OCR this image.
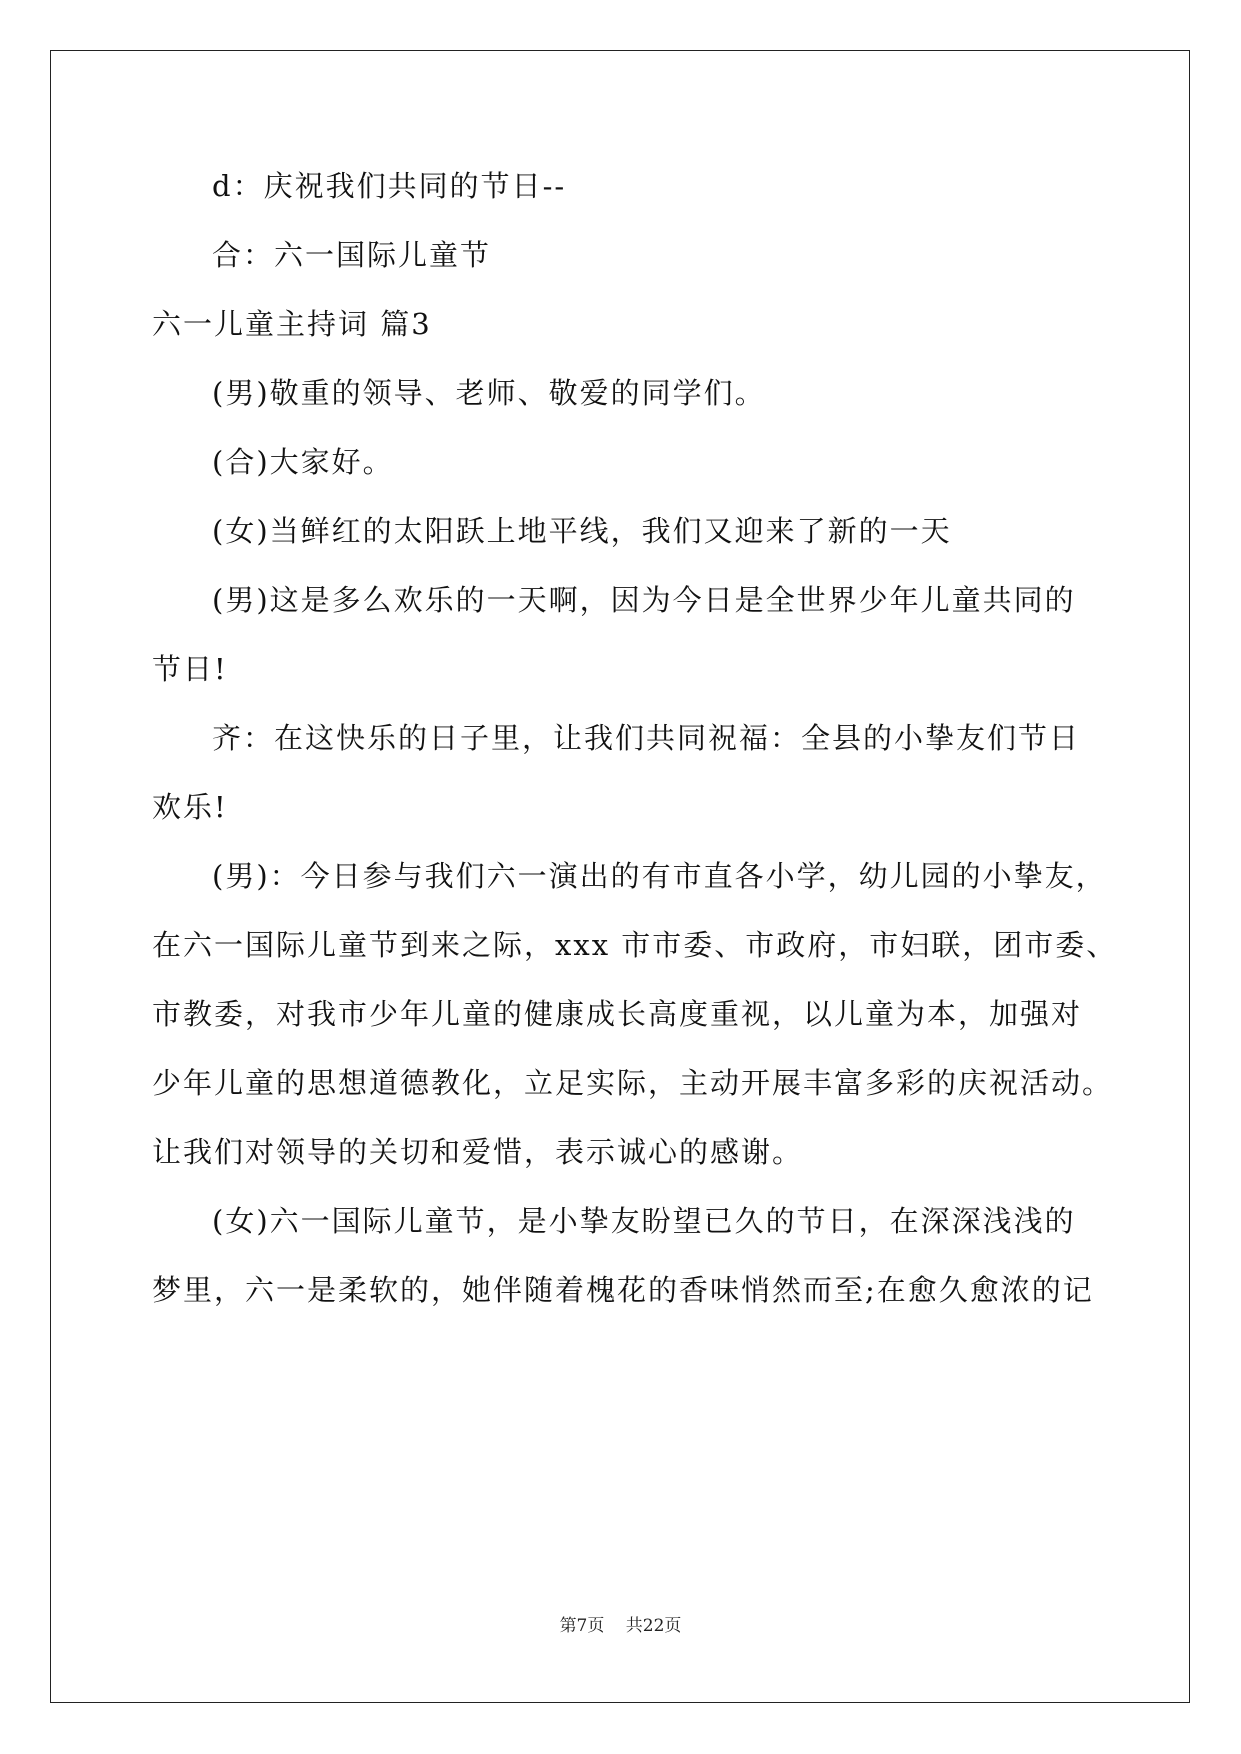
d：庆祝我们共同的节日--
合：六一国际儿童节
六一儿童主持词 篇3
(男)敬重的领导、老师、敬爱的同学们。
(合)大家好。
(女)当鲜红的太阳跃上地平线，我们又迎来了新的一天
(男)这是多么欢乐的一天啊，因为今日是全世界少年儿童共同的
节日!
齐：在这快乐的日子里，让我们共同祝福：全县的小挚友们节日
欢乐!
(男)：今日参与我们六一演出的有市直各小学，幼儿园的小挚友，
在六一国际儿童节到来之际，xxx 市市委、市政府，市妇联，团市委、
市教委，对我市少年儿童的健康成长高度重视，以儿童为本，加强对
少年儿童的思想道德教化，立足实际，主动开展丰富多彩的庆祝活动。
让我们对领导的关切和爱惜，表示诚心的感谢。
(女)六一国际儿童节，是小挚友盼望已久的节日，在深深浅浅的
梦里，六一是柔软的，她伴随着槐花的香味悄然而至;在愈久愈浓的记
第7页 共22页
